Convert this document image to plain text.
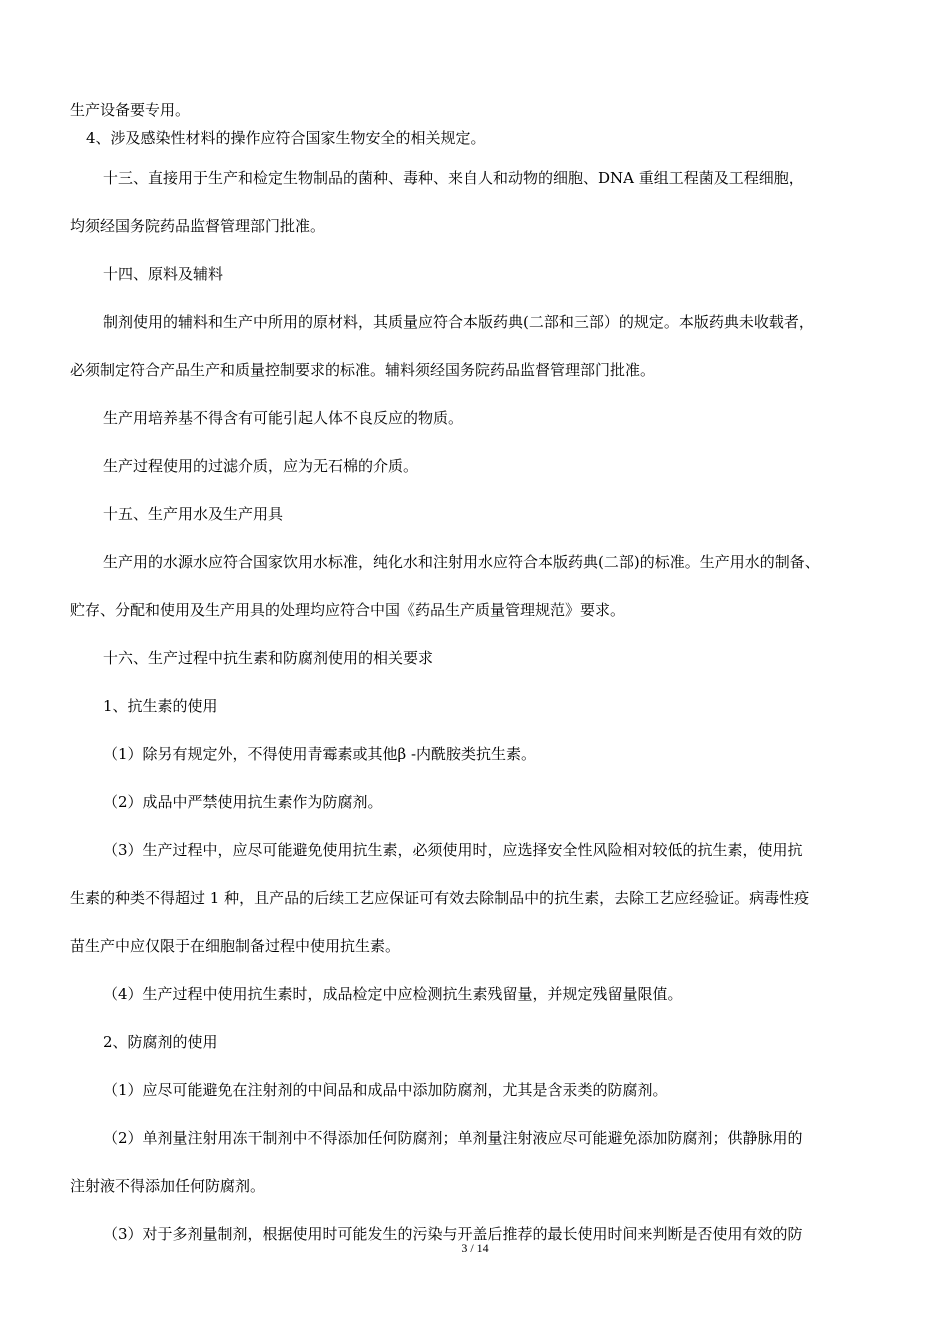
生产设备要专用。
4、涉及感染性材料的操作应符合国家生物安全的相关规定。
十三、直接用于生产和检定生物制品的菌种、毒种、来自人和动物的细胞、DNA 重组工程菌及工程细胞，
均须经国务院药品监督管理部门批准。
十四、原料及辅料
制剂使用的辅料和生产中所用的原材料，其质量应符合本版药典(二部和三部）的规定。本版药典未收载者，
必须制定符合产品生产和质量控制要求的标准。辅料须经国务院药品监督管理部门批准。
生产用培养基不得含有可能引起人体不良反应的物质。
生产过程使用的过滤介质，应为无石棉的介质。
十五、生产用水及生产用具
生产用的水源水应符合国家饮用水标准，纯化水和注射用水应符合本版药典(二部)的标准。生产用水的制备、
贮存、分配和使用及生产用具的处理均应符合中国《药品生产质量管理规范》要求。
十六、生产过程中抗生素和防腐剂使用的相关要求
1、抗生素的使用
（1）除另有规定外，不得使用青霉素或其他β -内酰胺类抗生素。
（2）成品中严禁使用抗生素作为防腐剂。
（3）生产过程中，应尽可能避免使用抗生素，必须使用时，应选择安全性风险相对较低的抗生素，使用抗
生素的种类不得超过 1 种，且产品的后续工艺应保证可有效去除制品中的抗生素，去除工艺应经验证。病毒性疫
苗生产中应仅限于在细胞制备过程中使用抗生素。
（4）生产过程中使用抗生素时，成品检定中应检测抗生素残留量，并规定残留量限值。
2、防腐剂的使用
（1）应尽可能避免在注射剂的中间品和成品中添加防腐剂，尤其是含汞类的防腐剂。
（2）单剂量注射用冻干制剂中不得添加任何防腐剂；单剂量注射液应尽可能避免添加防腐剂；供静脉用的
注射液不得添加任何防腐剂。
（3）对于多剂量制剂，根据使用时可能发生的污染与开盖后推荐的最长使用时间来判断是否使用有效的防
3 / 14
